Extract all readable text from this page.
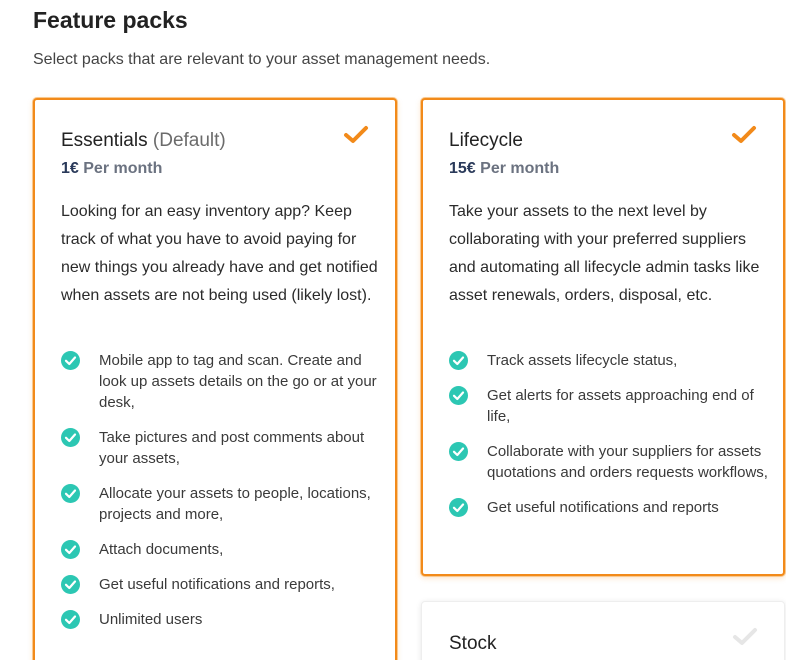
Feature packs

Select packs that are relevant to your asset management needs.

Essentials (Default)
1€ Per month

Looking for an easy inventory app? Keep track of what you have to avoid paying for new things you already have and get notified when assets are not being used (likely lost).

Mobile app to tag and scan. Create and look up assets details on the go or at your desk,
Take pictures and post comments about your assets,
Allocate your assets to people, locations, projects and more,
Attach documents,
Get useful notifications and reports,
Unlimited users
Lifecycle
15€ Per month

Take your assets to the next level by collaborating with your preferred suppliers and automating all lifecycle admin tasks like asset renewals, orders, disposal, etc.

Track assets lifecycle status,
Get alerts for assets approaching end of life,
Collaborate with your suppliers for assets quotations and orders requests workflows,
Get useful notifications and reports
Stock
